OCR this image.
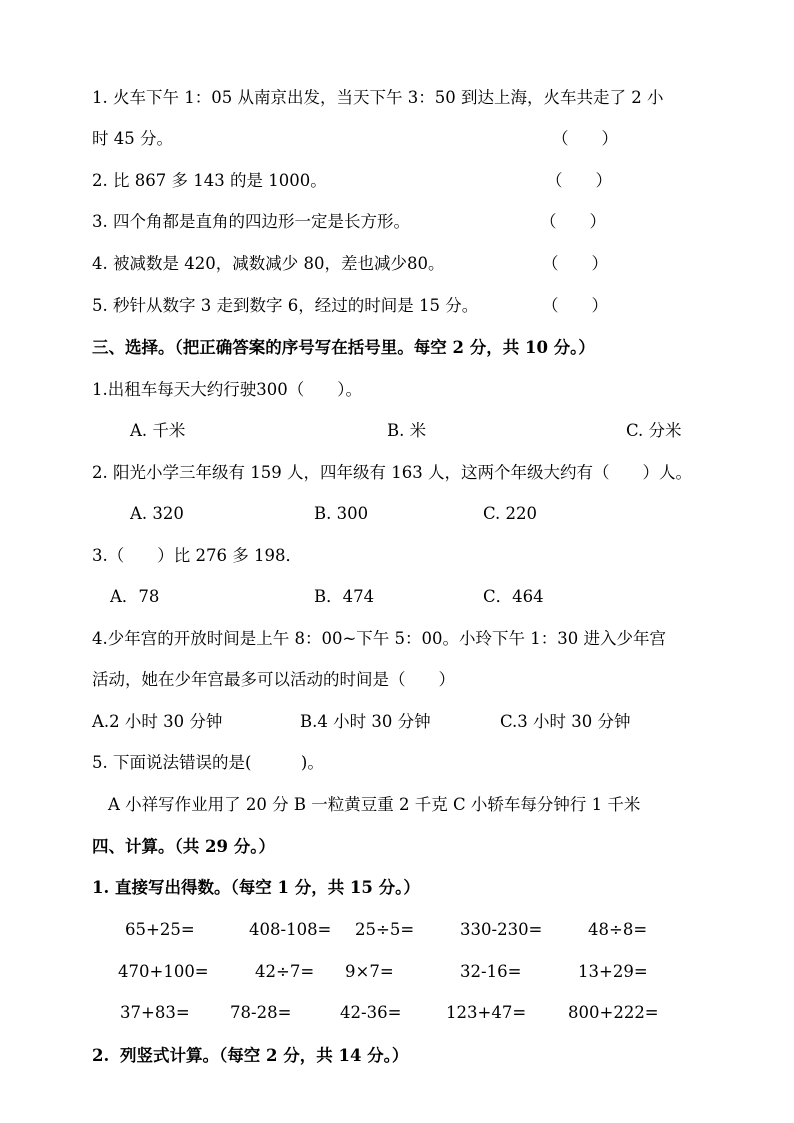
1. 火车下午 1：05 从南京出发，当天下午 3：50 到达上海，火车共走了 2 小
时 45 分。	（　　）
2. 比 867 多 143 的是 1000。	（　　）
3. 四个角都是直角的四边形一定是长方形。	（　　）
4. 被减数是 420，减数减少 80，差也减少80。	（　　）
5. 秒针从数字 3 走到数字 6，经过的时间是 15 分。	（　　）
三、选择。（把正确答案的序号写在括号里。每空 2 分，共 10 分。）
1.出租车每天大约行驶300（　　）。
A. 千米	B. 米	C. 分米
2. 阳光小学三年级有 159 人，四年级有 163 人，这两个年级大约有（　　）人。
A. 320	B. 300	C. 220
3.（　　）比 276 多 198．
A．78	B．474	C．464
4.少年宫的开放时间是上午 8：00~下午 5：00。小玲下午 1：30 进入少年宫
活动，她在少年宫最多可以活动的时间是（　　）
A.2 小时 30 分钟	B.4 小时 30 分钟	C.3 小时 30 分钟
5. 下面说法错误的是(　　　)。
A 小祥写作业用了 20 分 B 一粒黄豆重 2 千克 C 小轿车每分钟行 1 千米
四、计算。（共 29 分。）
1. 直接写出得数。（每空 1 分，共 15 分。）
65+25=	408-108= 25÷5=	330-230=	48÷8=
470+100=	42÷7= 9×7=	32-16=	13+29=
37+83= 78-28=	42-36=	123+47=	800+222=
2. 列竖式计算。（每空 2 分，共 14 分。）
